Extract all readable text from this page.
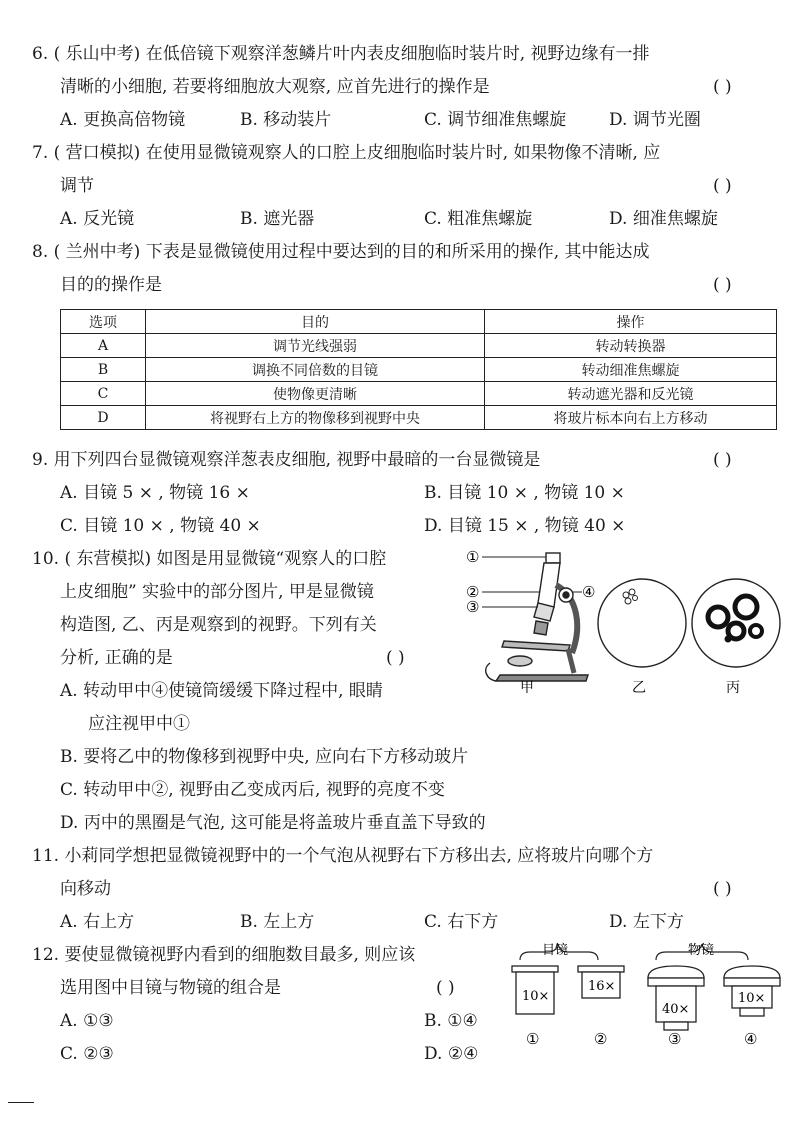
6. ( 乐山中考) 在低倍镜下观察洋葱鳞片叶内表皮细胞临时装片时, 视野边缘有一排
清晰的小细胞, 若要将细胞放大观察, 应首先进行的操作是	( )
A. 更换高倍物镜	B. 移动装片	C. 调节细准焦螺旋	D. 调节光圈
7. ( 营口模拟) 在使用显微镜观察人的口腔上皮细胞临时装片时, 如果物像不清晰, 应
调节	( )
A. 反光镜	B. 遮光器	C. 粗准焦螺旋	D. 细准焦螺旋
8. ( 兰州中考) 下表是显微镜使用过程中要达到的目的和所采用的操作, 其中能达成
目的的操作是	( )
选项	目的	操作
A	调节光线强弱	转动转换器
B	调换不同倍数的目镜	转动细准焦螺旋
C	使物像更清晰	转动遮光器和反光镜
D	将视野右上方的物像移到视野中央	将玻片标本向右上方移动
9. 用下列四台显微镜观察洋葱表皮细胞, 视野中最暗的一台显微镜是	( )
A. 目镜 5 × , 物镜 16 ×	B. 目镜 10 × , 物镜 10 ×
C. 目镜 10 × , 物镜 40 ×	D. 目镜 15 × , 物镜 40 ×
10. ( 东营模拟) 如图是用显微镜“观察人的口腔
上皮细胞” 实验中的部分图片, 甲是显微镜
构造图, 乙、丙是观察到的视野。下列有关
分析, 正确的是	( )
A. 转动甲中④使镜筒缓缓下降过程中, 眼睛
应注视甲中①
B. 要将乙中的物像移到视野中央, 应向右下方移动玻片
C. 转动甲中②, 视野由乙变成丙后, 视野的亮度不变
D. 丙中的黑圈是气泡, 这可能是将盖玻片垂直盖下导致的
①
②
③
④
甲	乙	丙
11. 小莉同学想把显微镜视野中的一个气泡从视野右下方移出去, 应将玻片向哪个方
向移动	( )
A. 右上方	B. 左上方	C. 右下方	D. 左下方
12. 要使显微镜视野内看到的细胞数目最多, 则应该
选用图中目镜与物镜的组合是	( )
A. ①③	B. ①④
C. ②③	D. ②④
目镜	物镜
10×
16×
40×
10×
①	②	③	④
